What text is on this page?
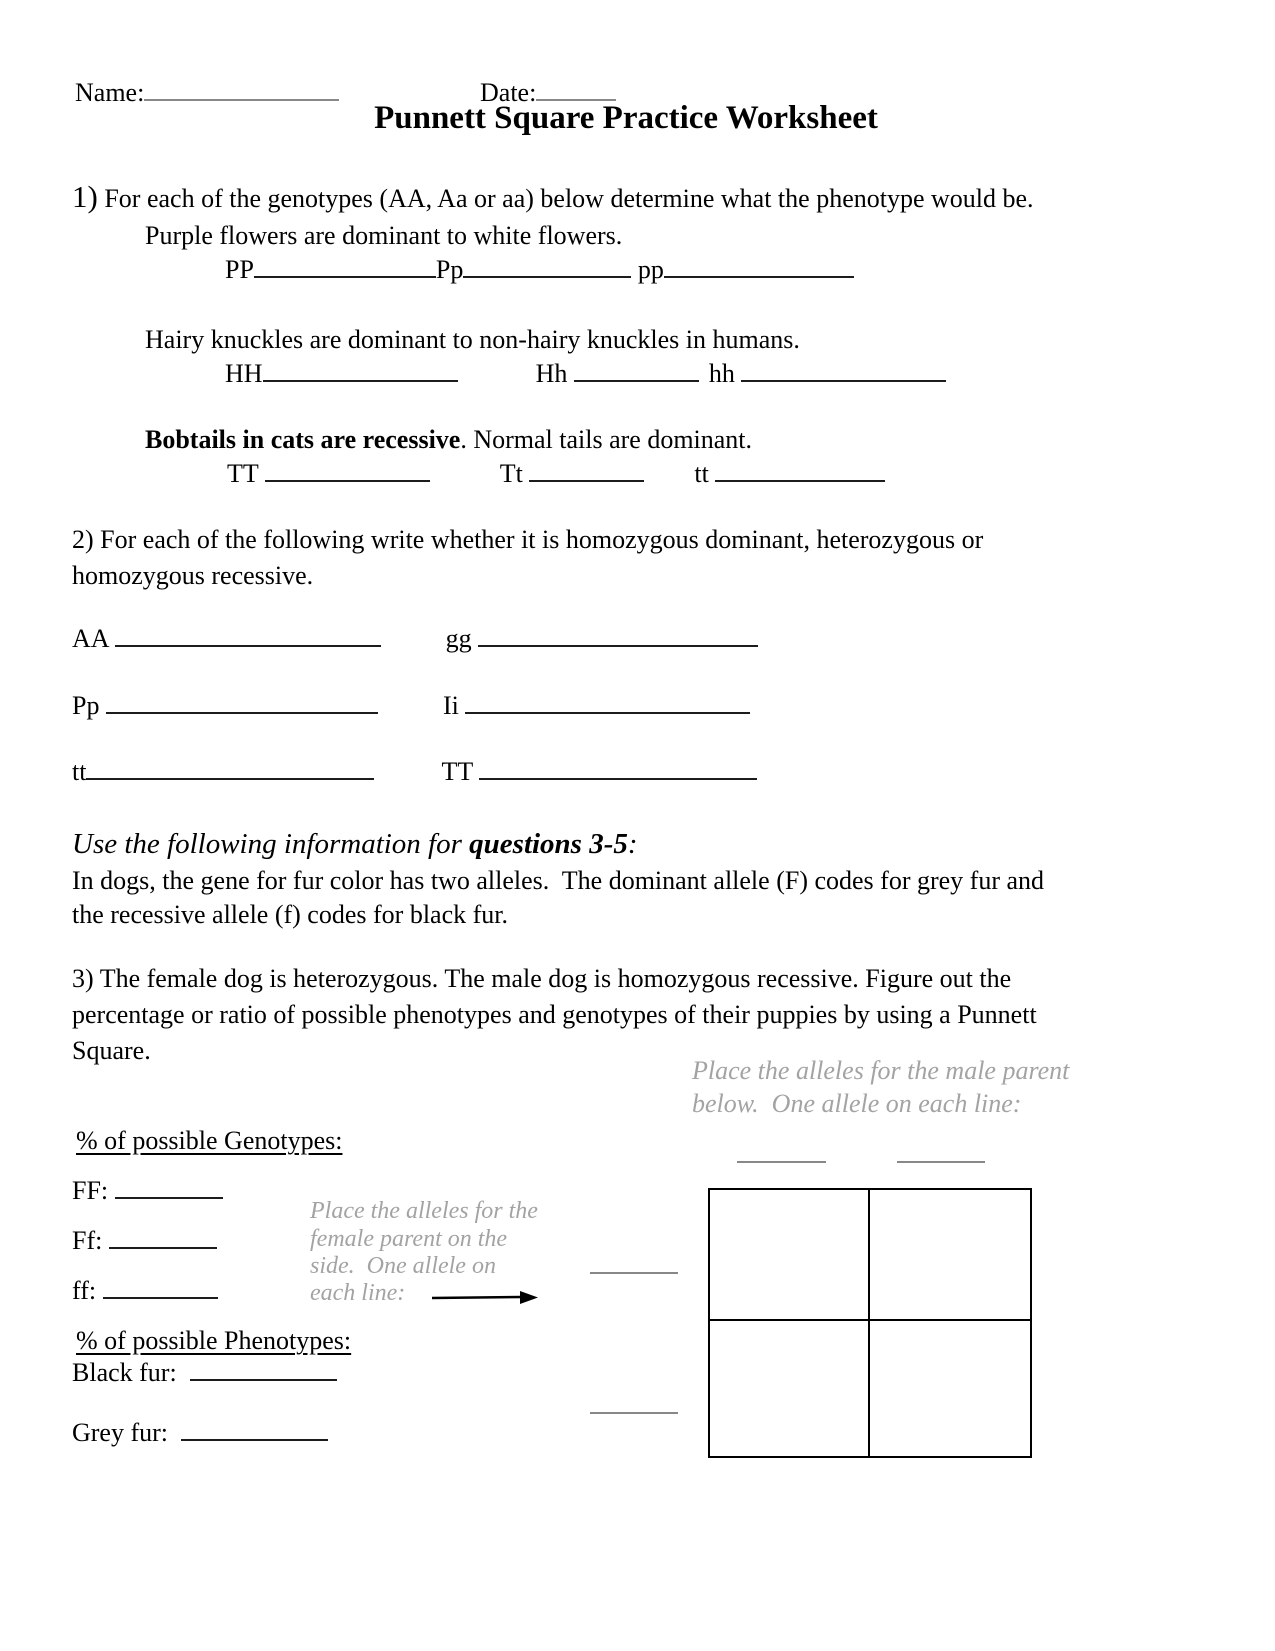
Name:	Date:
Punnett Square Practice Worksheet
1) For each of the genotypes (AA, Aa or aa) below determine what the phenotype would be.
Purple flowers are dominant to white flowers.
PP	Pp	pp
Hairy knuckles are dominant to non-hairy knuckles in humans.
HH	Hh	hh
Bobtails in cats are recessive. Normal tails are dominant.
TT	Tt	tt
2) For each of the following write whether it is homozygous dominant, heterozygous or
homozygous recessive.
AA	gg
Pp	Ii
tt	TT
Use the following information for questions 3-5:
In dogs, the gene for fur color has two alleles.  The dominant allele (F) codes for grey fur and
the recessive allele (f) codes for black fur.
3) The female dog is heterozygous. The male dog is homozygous recessive. Figure out the
percentage or ratio of possible phenotypes and genotypes of their puppies by using a Punnett
Square.
Place the alleles for the male parent
below.  One allele on each line:
% of possible Genotypes:
FF:
Ff:
ff:
Place the alleles for the
female parent on the
side.  One allele on
each line:
% of possible Phenotypes:
Black fur:
Grey fur:
